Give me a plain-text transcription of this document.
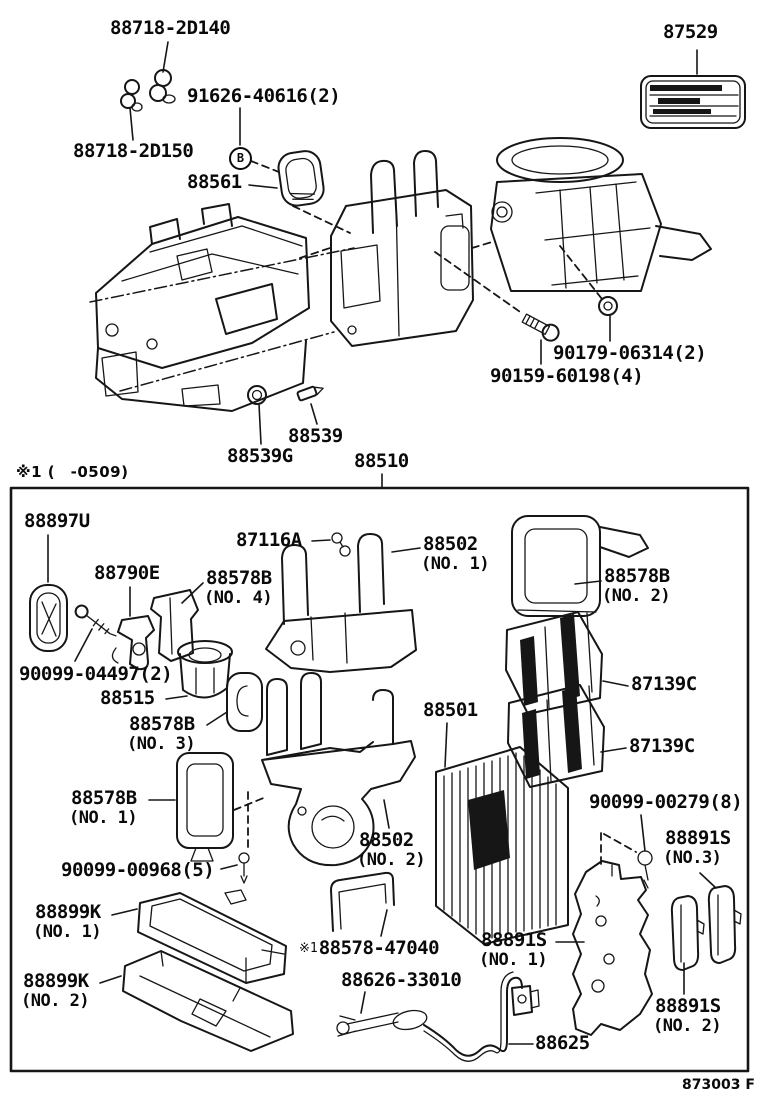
88718-2D140
91626-40616(2)
88718-2D150
88561
87529
B
90179-06314(2)
90159-60198(4)
88539
88539G	88510
88897U
87116A	88502
(NO. 1)
88790E 88578B
(NO. 4)
88578B
(NO. 2)
90099-04497(2)
88515
88578B
(NO. 3)
87139C
88501
87139C
88578B
(NO. 1)
90099-00279(8)
88891S
(NO.3)
90099-00968(5)
88502
(NO. 2)
88899K
(NO. 1)
※188578-47040 88891S
(NO. 1)
88626-33010
88899K
(NO. 2)	88891S
(NO. 2)
88625
※1 (　-0509)
873003 F
